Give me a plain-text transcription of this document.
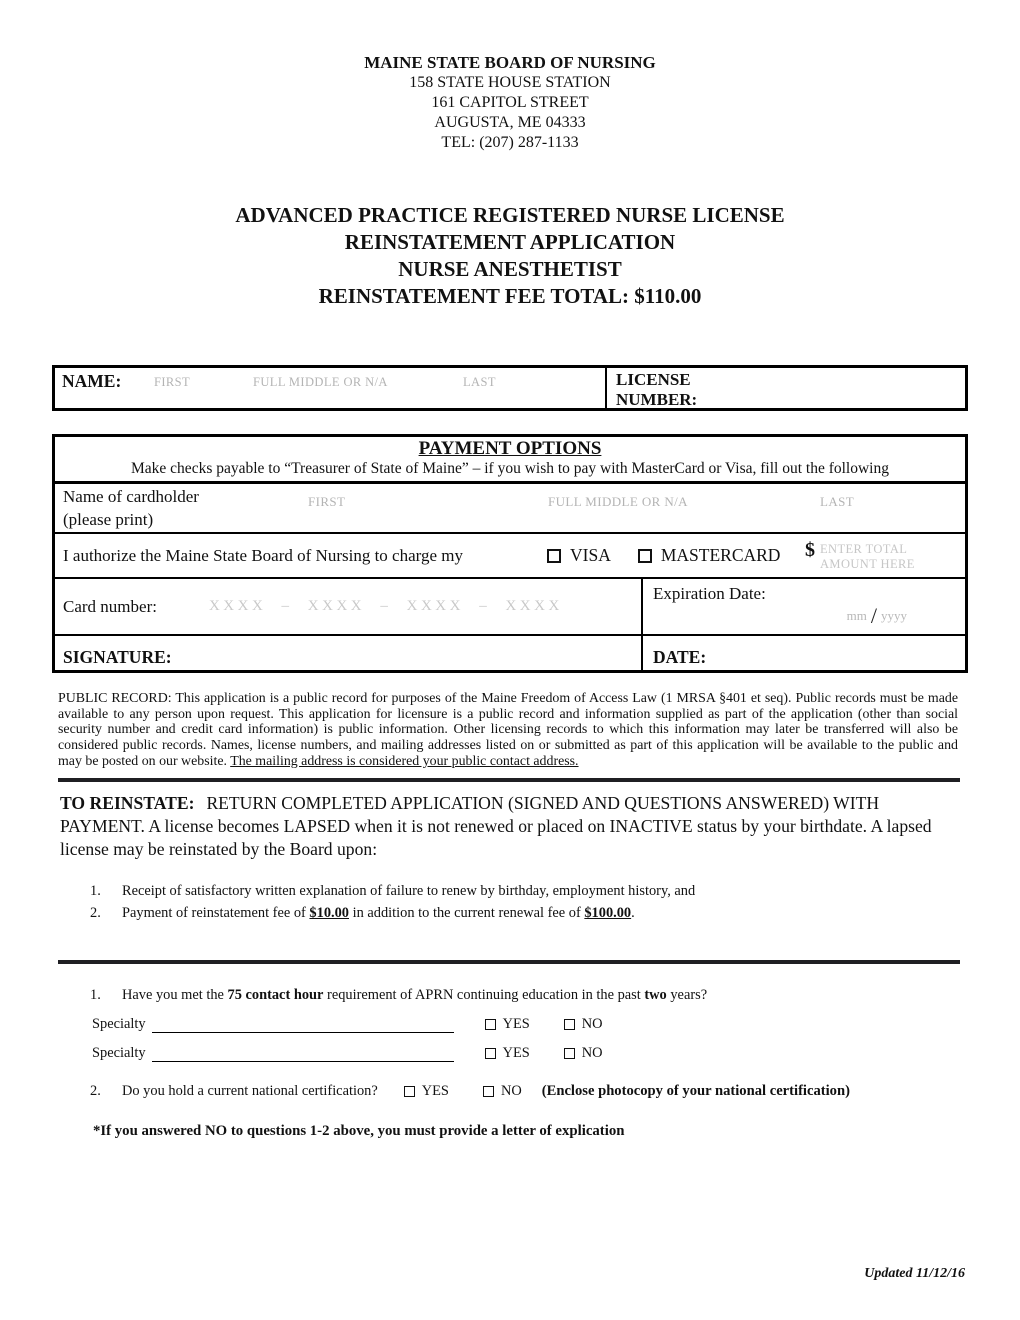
MAINE STATE BOARD OF NURSING
158 STATE HOUSE STATION
161 CAPITOL STREET
AUGUSTA, ME 04333
TEL: (207) 287-1133
ADVANCED PRACTICE REGISTERED NURSE LICENSE
REINSTATEMENT APPLICATION
NURSE ANESTHETIST
REINSTATEMENT FEE TOTAL: $110.00
NAME:	FIRST	FULL MIDDLE OR N/A	LAST	LICENSE
NUMBER:
PAYMENT OPTIONS
Make checks payable to “Treasurer of State of Maine” – if you wish to pay with MasterCard or Visa, fill out the following
Name of cardholder
(please print)
FIRST	FULL MIDDLE OR N/A	LAST
I authorize the Maine State Board of Nursing to charge my	VISA	MASTERCARD $ ENTER TOTAL
AMOUNT HERE
Card number:	XXXX – XXXX – XXXX – XXXX
Expiration Date:
mm / yyyy
SIGNATURE:	DATE:

PUBLIC RECORD: This application is a public record for purposes of the Maine Freedom of Access Law (1 MRSA §401 et seq). Public records must be made available to any person upon request. This application for licensure is a public record and information supplied as part of the application (other than social security number and credit card information) is public information. Other licensing records to which this information may later be transferred will also be considered public records. Names, license numbers, and mailing addresses listed on or submitted as part of this application will be available to the public and may be posted on our website. The mailing address is considered your public contact address.

TO REINSTATE: RETURN COMPLETED APPLICATION (SIGNED AND QUESTIONS ANSWERED) WITH PAYMENT. A license becomes LAPSED when it is not renewed or placed on INACTIVE status by your birthdate. A lapsed license may be reinstated by the Board upon:

1.	Receipt of satisfactory written explanation of failure to renew by birthday, employment history, and
2.	Payment of reinstatement fee of $10.00 in addition to the current renewal fee of $100.00.
1.	Have you met the 75 contact hour requirement of APRN continuing education in the past two years?
Specialty	YES	NO
Specialty	YES	NO
2.	Do you hold a current national certification?	YES	NO (Enclose photocopy of your national certification)

*If you answered NO to questions 1-2 above, you must provide a letter of explication

Updated 11/12/16
